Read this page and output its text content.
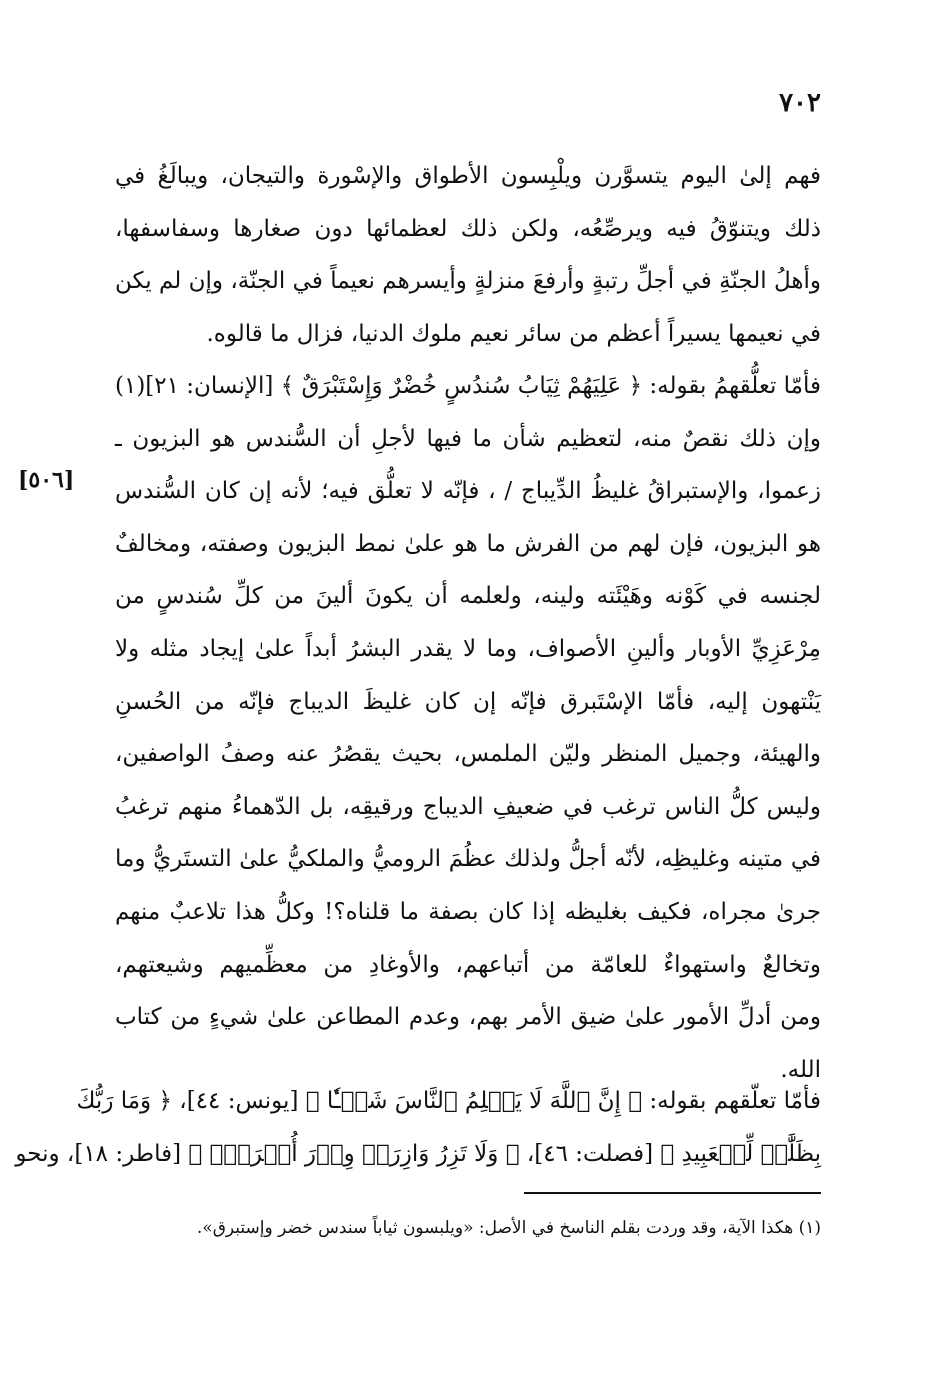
٧٠٢
فهم إلىٰ اليوم يتسوَّرن ويلْبِسون الأطواق والإسْورة والتيجان، ويبالَغُ في
ذلك ويتنوّقُ فيه ويرصِّعُه، ولكن ذلك لعظمائها دون صغارها وسفاسفها،
وأهلُ الجنّةِ في أجلِّ رتبةٍ وأرفعَ منزلةٍ وأيسرهم نعيماً في الجنّة، وإن لم يكن
في نعيمها يسيراً أعظم من سائر نعيم ملوك الدنيا، فزال ما قالوه.
فأمّا تعلُّقهمُ بقوله: ﴿ عَلِيَهُمْ ثِيَابُ سُندُسٍ خُضْرٌ وَإِسْتَبْرَقٌ ﴾ [الإنسان: ٢١](١)
وإن ذلك نقصٌ منه، لتعظيم شأن ما فيها لأجلِ أن السُّندس هو البزيون ـ
زعموا، والإستبراقُ غليظُ الدِّيباج / ، فإنّه لا تعلُّق فيه؛ لأنه إن كان السُّندس
هو البزيون، فإن لهم من الفرش ما هو علىٰ نمط البزيون وصفته، ومخالفٌ
لجنسه في كَوْنه وهَيْئَته ولينه، ولعلمه أن يكونَ ألينَ من كلِّ سُندسٍ من
مِرْعَزِيِّ الأوبار وألينِ الأصواف، وما لا يقدر البشرُ أبداً علىٰ إيجاد مثله ولا
يَنْتهون إليه، فأمّا الإسْتَبرق فإنّه إن كان غليظَ الديباج فإنّه من الحُسنِ
والهيئة، وجميل المنظر وليّن الملمس، بحيث يقصُرُ عنه وصفُ الواصفين،
وليس كلُّ الناس ترغب في ضعيفِ الديباج ورقيقِه، بل الدّهماءُ منهم ترغبُ
في متينه وغليظِه، لأنّه أجلُّ ولذلك عظُمَ الروميُّ والملكيُّ علىٰ التستَريُّ وما
جرىٰ مجراه، فكيف بغليظه إذا كان بصفة ما قلناه؟! وكلُّ هذا تلاعبٌ منهم
وتخالعٌ واستهواءٌ للعامّة من أتباعهم، والأوغادِ من معظِّميهم وشيعتهم،
ومن أدلِّ الأمور علىٰ ضيق الأمر بهم، وعدم المطاعن علىٰ شيءٍ من كتاب
الله.
[٥٠٦]
فأمّا تعلّقهم بقوله: ﴿ إِنَّ ٱللَّهَ لَا يَظۡلِمُ ٱلنَّاسَ شَيۡـٔٗا ﴾ [يونس: ٤٤]، ﴿ وَمَا رَبُّكَ
بِظَلَّٰمٖ لِّلۡعَبِيدِ ﴾ [فصلت: ٤٦]، ﴿ وَلَا تَزِرُ وَازِرَةٞ وِزۡرَ أُخۡرَىٰۚ ﴾ [فاطر: ١٨]، ونحو
(١) هكذا الآية، وقد وردت بقلم الناسخ في الأصل: «ويلبسون ثياباً سندس خضر وإستبرق».
